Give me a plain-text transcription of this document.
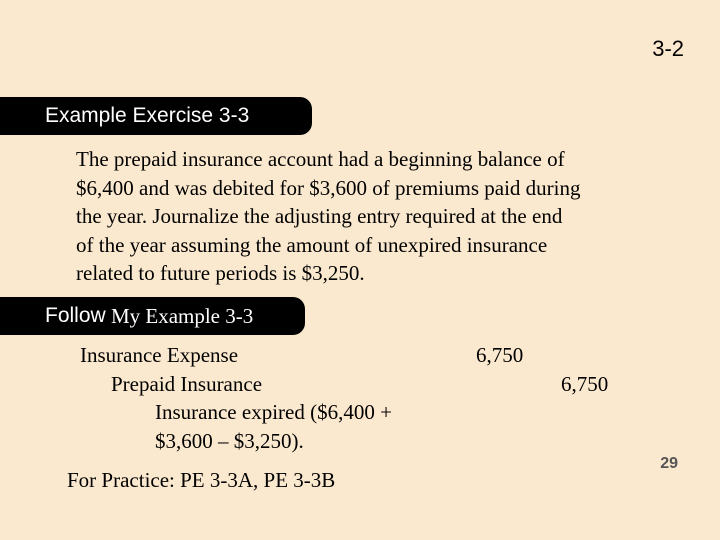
3-2
Example Exercise 3-3
The prepaid insurance account had a beginning balance of
$6,400 and was debited for $3,600 of premiums paid during
the year. Journalize the adjusting entry required at the end
of the year assuming the amount of unexpired insurance
related to future periods is $3,250.
Follow My Example 3-3
Insurance Expense	6,750
Prepaid Insurance	6,750
Insurance expired ($6,400 +
$3,600 – $3,250).
For Practice: PE 3-3A, PE 3-3B
29
